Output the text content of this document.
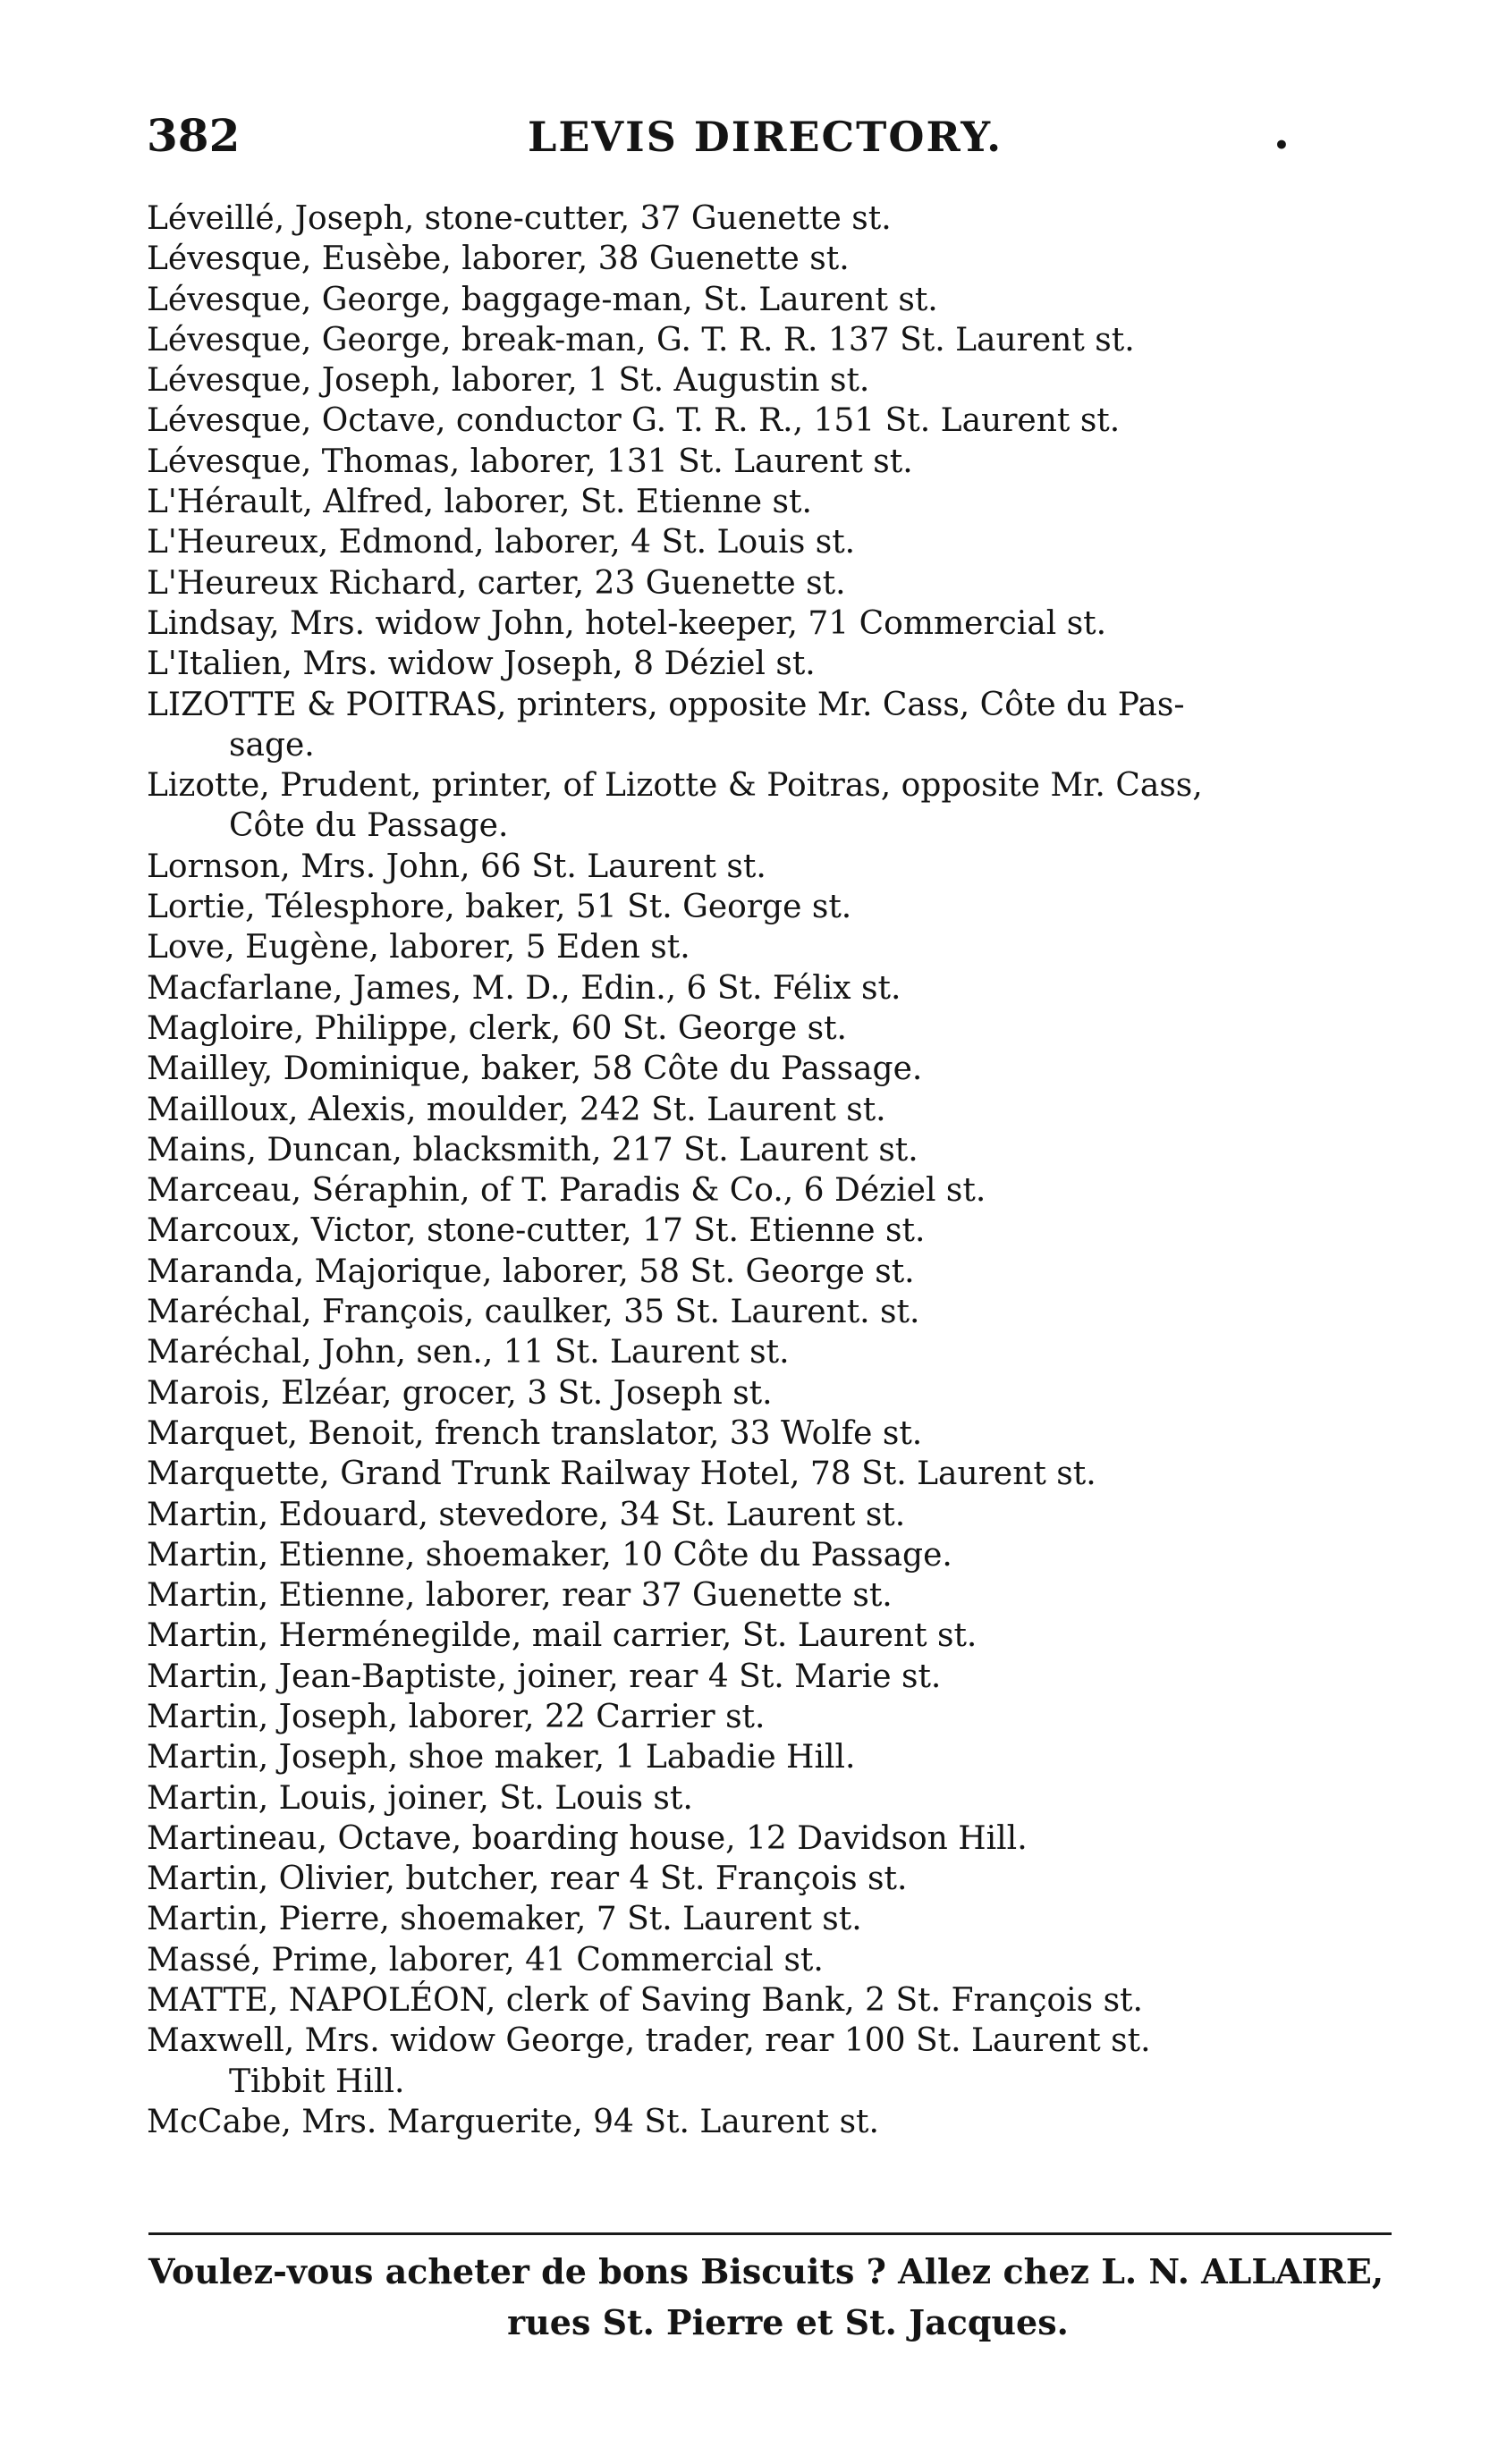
382	LEVIS DIRECTORY.	•
Léveillé, Joseph, stone-cutter, 37 Guenette st.
Lévesque, Eusèbe, laborer, 38 Guenette st.
Lévesque, George, baggage-man, St. Laurent st.
Lévesque, George, break-man, G. T. R. R. 137 St. Laurent st.
Lévesque, Joseph, laborer, 1 St. Augustin st.
Lévesque, Octave, conductor G. T. R. R., 151 St. Laurent st.
Lévesque, Thomas, laborer, 131 St. Laurent st.
L'Hérault, Alfred, laborer, St. Etienne st.
L'Heureux, Edmond, laborer, 4 St. Louis st.
L'Heureux Richard, carter, 23 Guenette st.
Lindsay, Mrs. widow John, hotel-keeper, 71 Commercial st.
L'Italien, Mrs. widow Joseph, 8 Déziel st.
LIZOTTE & POITRAS, printers, opposite Mr. Cass, Côte du Pas-
sage.
Lizotte, Prudent, printer, of Lizotte & Poitras, opposite Mr. Cass,
Côte du Passage.
Lornson, Mrs. John, 66 St. Laurent st.
Lortie, Télesphore, baker, 51 St. George st.
Love, Eugène, laborer, 5 Eden st.
Macfarlane, James, M. D., Edin., 6 St. Félix st.
Magloire, Philippe, clerk, 60 St. George st.
Mailley, Dominique, baker, 58 Côte du Passage.
Mailloux, Alexis, moulder, 242 St. Laurent st.
Mains, Duncan, blacksmith, 217 St. Laurent st.
Marceau, Séraphin, of T. Paradis & Co., 6 Déziel st.
Marcoux, Victor, stone-cutter, 17 St. Etienne st.
Maranda, Majorique, laborer, 58 St. George st.
Maréchal, François, caulker, 35 St. Laurent. st.
Maréchal, John, sen., 11 St. Laurent st.
Marois, Elzéar, grocer, 3 St. Joseph st.
Marquet, Benoit, french translator, 33 Wolfe st.
Marquette, Grand Trunk Railway Hotel, 78 St. Laurent st.
Martin, Edouard, stevedore, 34 St. Laurent st.
Martin, Etienne, shoemaker, 10 Côte du Passage.
Martin, Etienne, laborer, rear 37 Guenette st.
Martin, Herménegilde, mail carrier, St. Laurent st.
Martin, Jean-Baptiste, joiner, rear 4 St. Marie st.
Martin, Joseph, laborer, 22 Carrier st.
Martin, Joseph, shoe maker, 1 Labadie Hill.
Martin, Louis, joiner, St. Louis st.
Martineau, Octave, boarding house, 12 Davidson Hill.
Martin, Olivier, butcher, rear 4 St. François st.
Martin, Pierre, shoemaker, 7 St. Laurent st.
Massé, Prime, laborer, 41 Commercial st.
MATTE, NAPOLÉON, clerk of Saving Bank, 2 St. François st.
Maxwell, Mrs. widow George, trader, rear 100 St. Laurent st.
Tibbit Hill.
McCabe, Mrs. Marguerite, 94 St. Laurent st.
Voulez-vous acheter de bons Biscuits ? Allez chez L. N. ALLAIRE,
rues St. Pierre et St. Jacques.
